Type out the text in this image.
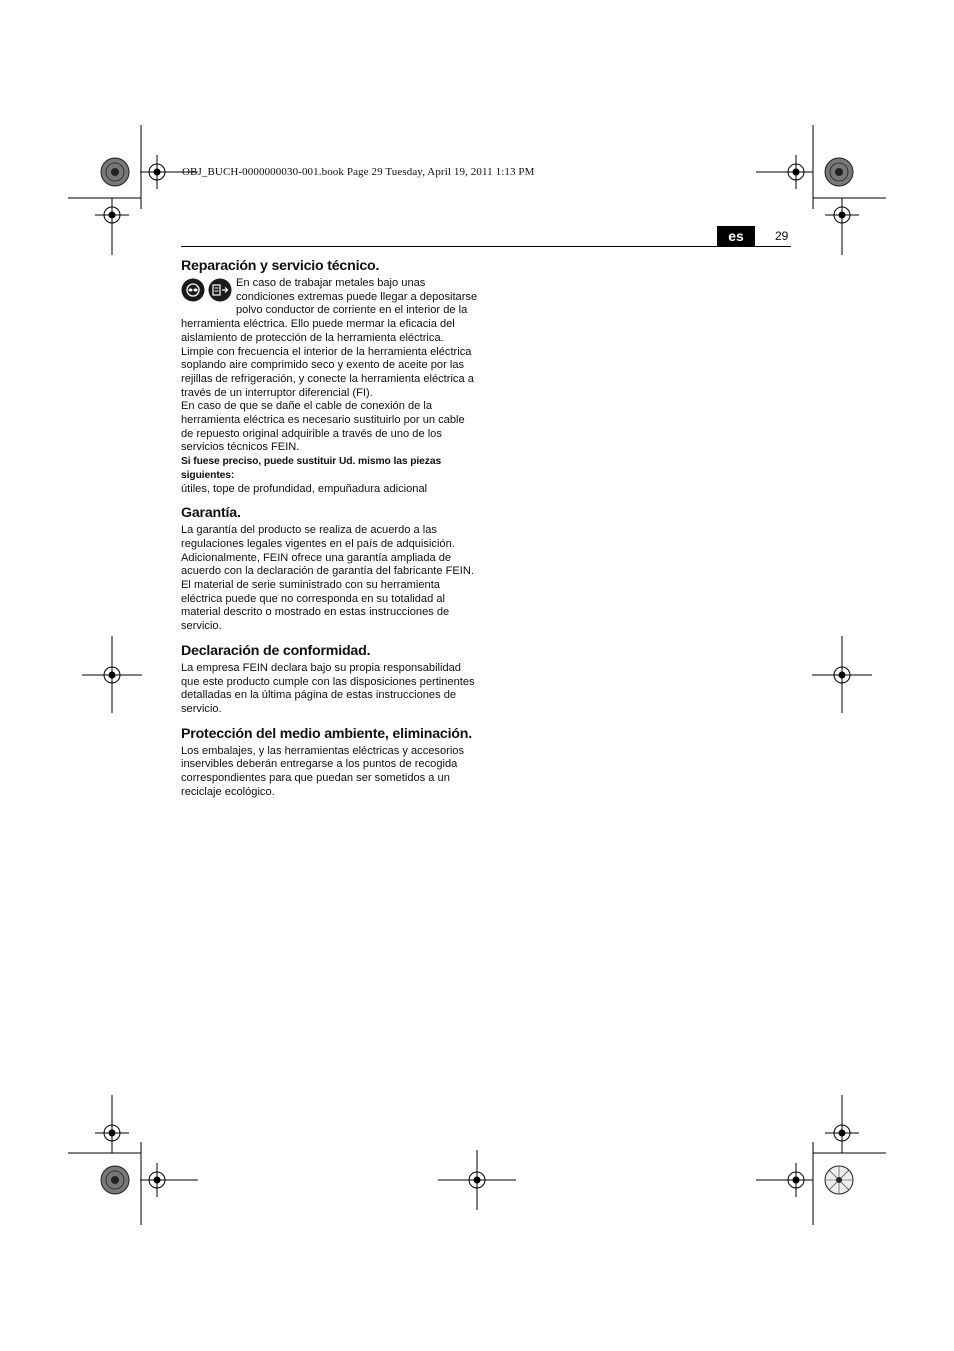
OBJ_BUCH-0000000030-001.book Page 29 Tuesday, April 19, 2011 1:13 PM
es	29
Reparación y servicio técnico.

En caso de trabajar metales bajo unas condiciones extremas puede llegar a depositarse polvo conductor de corriente en el interior de la herramienta eléctrica. Ello puede mermar la eficacia del aislamiento de protección de la herramienta eléctrica. Limpie con frecuencia el interior de la herramienta eléctrica soplando aire comprimido seco y exento de aceite por las rejillas de refrigeración, y conecte la herramienta eléctrica a través de un interruptor diferencial (FI).

En caso de que se dañe el cable de conexión de la herramienta eléctrica es necesario sustituirlo por un cable de repuesto original adquirible a través de uno de los servicios técnicos FEIN.

Si fuese preciso, puede sustituir Ud. mismo las piezas siguientes:

útiles, tope de profundidad, empuñadura adicional

Garantía.

La garantía del producto se realiza de acuerdo a las regulaciones legales vigentes en el país de adquisición. Adicionalmente, FEIN ofrece una garantía ampliada de acuerdo con la declaración de garantía del fabricante FEIN.

El material de serie suministrado con su herramienta eléctrica puede que no corresponda en su totalidad al material descrito o mostrado en estas instrucciones de servicio.

Declaración de conformidad.

La empresa FEIN declara bajo su propia responsabilidad que este producto cumple con las disposiciones pertinentes detalladas en la última página de estas instrucciones de servicio.

Protección del medio ambiente, eliminación.

Los embalajes, y las herramientas eléctricas y accesorios inservibles deberán entregarse a los puntos de recogida correspondientes para que puedan ser sometidos a un reciclaje ecológico.
